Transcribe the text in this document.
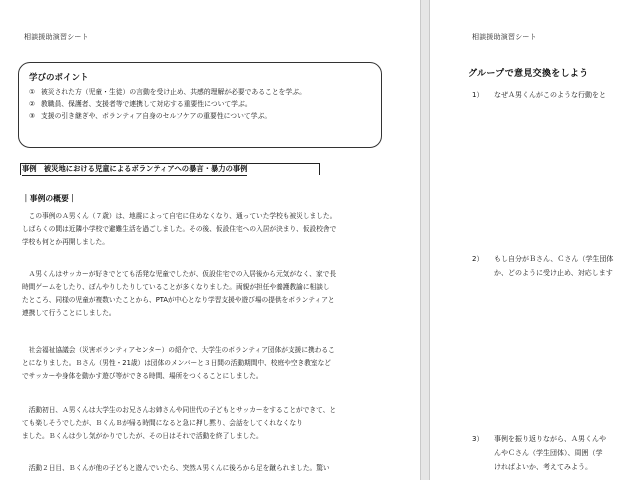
相談援助演習シート
学びのポイント
① 被災された方（児童・生徒）の言動を受け止め、共感的理解が必要であることを学ぶ。
② 教職員、保護者、支援者等で連携して対応する重要性について学ぶ。
③ 支援の引き継ぎや、ボランティア自身のセルフケアの重要性について学ぶ。
事例　被災地における児童によるボランティアへの暴言・暴力の事例
｜事例の概要｜

　この事例のＡ男くん（７歳）は、地震によって自宅に住めなくなり、通っていた学校も被災しました。

しばらくの間は近隣小学校で避難生活を過ごしました。その後、仮設住宅への入居が決まり、仮設校舎で

学校も何とか再開しました。

　Ａ男くんはサッカーが好きでとても活発な児童でしたが、仮設住宅での入居後から元気がなく、家で長

時間ゲームをしたり、ぼんやりしたりしていることが多くなりました。両親が担任や養護教諭に相談し

たところ、同様の児童が複数いたことから、PTAが中心となり学習支援や遊び場の提供をボランティアと

連携して行うことにしました。

　社会福祉協議会（災害ボランティアセンター）の紹介で、大学生のボランティア団体が支援に携わるこ

とになりました。Ｂさん（男性・21歳）は団体のメンバーと３日間の活動期間中、校庭や空き教室など

でサッカーや身体を動かす遊び等ができる時間、場所をつくることにしました。

　活動初日、Ａ男くんは大学生のお兄さんお姉さんや同世代の子どもとサッカーをすることができて、と

ても楽しそうでしたが、ＢくんＢが帰る時間になると急に押し黙り、会話をしてくれなくなり

ました。Ｂくんは少し気がかりでしたが、その日はそれで活動を終了しました。

　活動２日目、Ｂくんが他の子どもと遊んでいたら、突然Ａ男くんに後ろから足を蹴られました。驚い

相談援助演習シート
グループで意見交換をしよう
1） なぜＡ男くんがこのような行動をと
2） もし自分がＢさん、Ｃさん（学生団体
か、どのように受け止め、対応します
3） 事例を振り返りながら、Ａ男くんや
んやＣさん（学生団体）、周囲（学
ければよいか、考えてみよう。
